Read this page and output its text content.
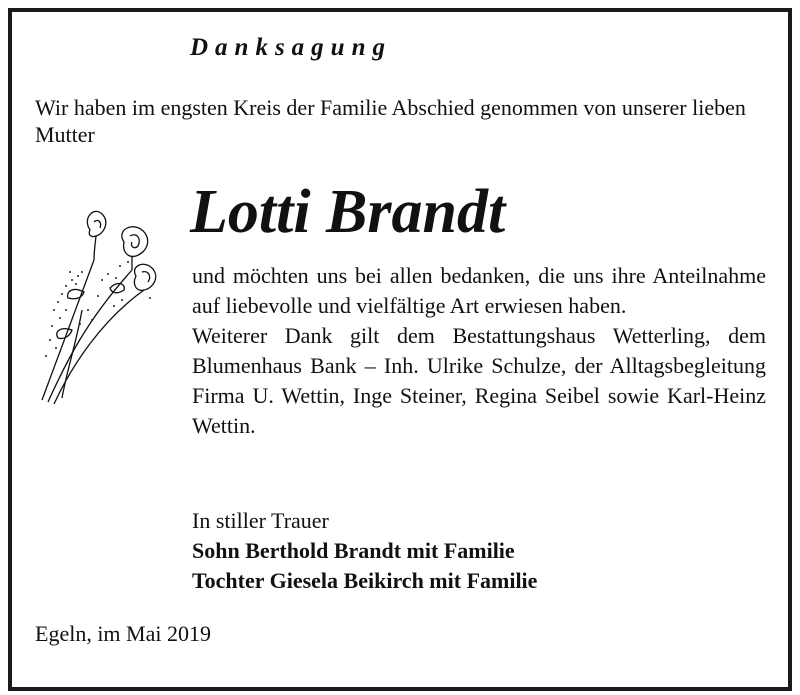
Danksagung
Wir haben im engsten Kreis der Familie Abschied genommen von unserer lieben Mutter
Lotti Brandt

und möchten uns bei allen bedanken, die uns ihre Anteilnahme auf liebevolle und vielfältige Art erwiesen haben.

Weiterer Dank gilt dem Bestattungshaus Wetterling, dem Blumenhaus Bank – Inh. Ulrike Schulze, der Alltagsbegleitung Firma U. Wettin, Inge Steiner, Regina Seibel sowie Karl-Heinz Wettin.

In stiller Trauer
Sohn Berthold Brandt mit Familie
Tochter Giesela Beikirch mit Familie
Egeln, im Mai 2019
